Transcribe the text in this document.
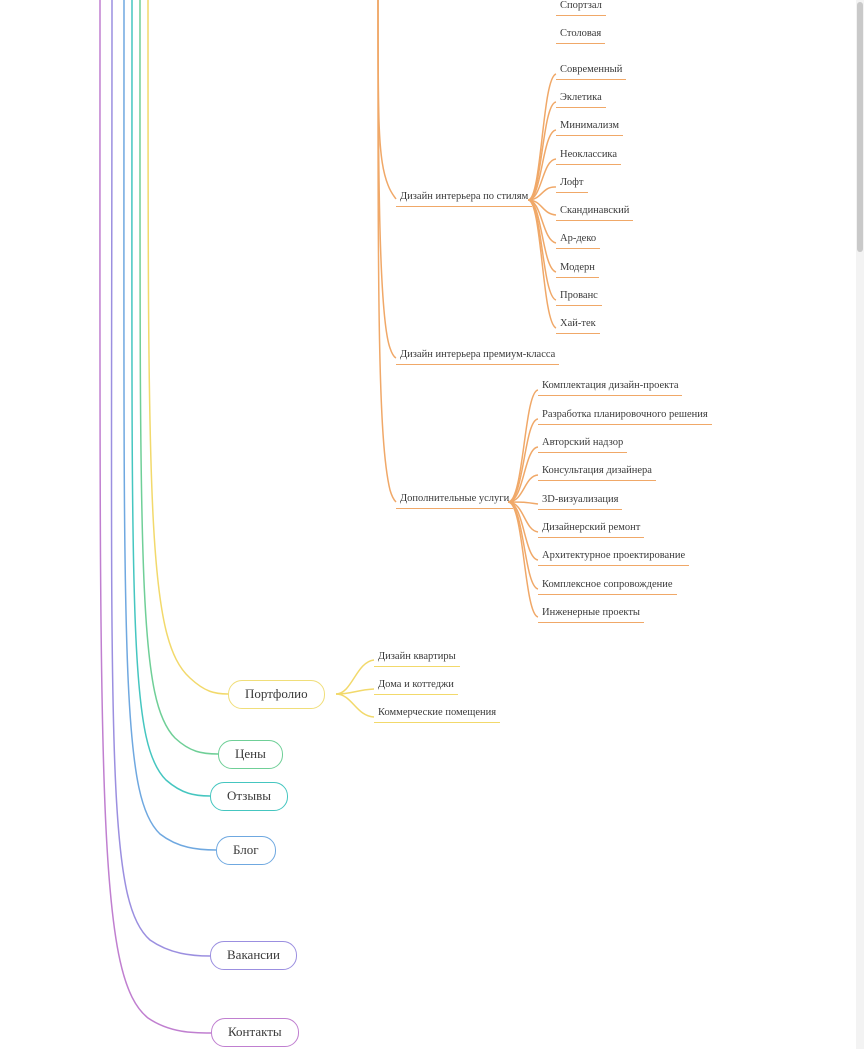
Спортзал
Столовая
Дизайн интерьера по стилям
Современный
Эклетика
Минимализм
Неоклассика
Лофт
Скандинавский
Ар-деко
Модерн
Прованс
Хай-тек
Дизайн интерьера премиум-класса
Дополнительные услуги
Комплектация дизайн-проекта
Разработка планировочного решения
Авторский надзор
Консультация дизайнера
3D-визуализация
Дизайнерский ремонт
Архитектурное проектирование
Комплексное сопровождение
Инженерные проекты
Портфолио
Дизайн квартиры
Дома и коттеджи
Коммерческие помещения
Цены
Отзывы
Блог
Вакансии
Контакты
